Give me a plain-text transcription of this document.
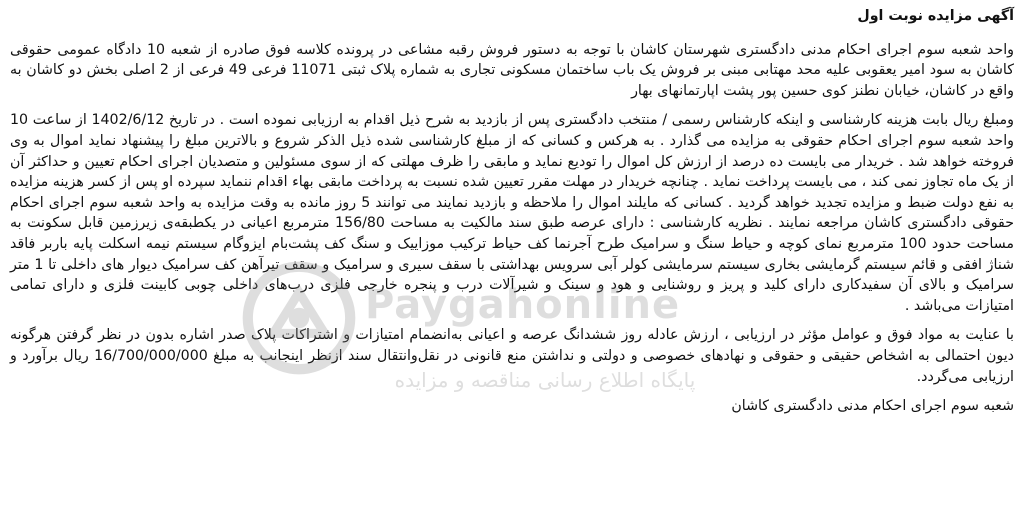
آگهی مزایده نوبت اول
واحد شعبه سوم اجرای احکام مدنی دادگستری شهرستان کاشان با توجه به دستور فروش رقبه مشاعی در پرونده کلاسه فوق صادره از شعبه 10 دادگاه عمومی حقوقی کاشان به سود امیر یعقوبی علیه محد مهتابی مبنی بر فروش یک باب ساختمان مسکونی تجاری به شماره پلاک ثبتی 11071 فرعی 49 فرعی از 2 اصلی بخش دو کاشان به واقع در کاشان، خیابان نطنز کوی حسین پور پشت اپارتمانهای بهار
ومبلغ ریال بابت هزینه کارشناسی و اینکه کارشناس رسمی / منتخب دادگستری پس از بازدید به شرح ذیل اقدام به ارزیابی نموده است . در تاریخ 1402/6/12 از ساعت 10 واحد شعبه سوم اجرای احکام حقوقی به مزایده می گذارد . به هرکس و کسانی که از مبلغ کارشناسی شده ذیل الذکر شروع و بالاترین مبلغ را پیشنهاد نماید اموال به وی فروخته خواهد شد . خریدار می بایست ده درصد از ارزش کل اموال را تودیع نماید و مابقی را ظرف مهلتی که از سوی مسئولین و متصدیان اجرای احکام تعیین و حداکثر آن از یک ماه تجاوز نمی کند ، می بایست پرداخت نماید . چنانچه خریدار در مهلت مقرر تعیین شده نسبت به پرداخت مابقی بهاء اقدام ننماید سپرده او پس از کسر هزینه مزایده به نفع دولت ضبط و مزایده تجدید خواهد گردید . کسانی که مایلند اموال را ملاحظه و بازدید نمایند می توانند 5 روز مانده به وقت مزایده به واحد شعبه سوم اجرای احکام حقوقی دادگستری کاشان مراجعه نمایند . نظریه کارشناسی : دارای عرصه طبق سند مالکیت به مساحت 156/80 مترمربع اعیانی در یکطبقه‌ی زیرزمین قابل سکونت به مساحت حدود 100 مترمربع نمای کوچه و حیاط سنگ و سرامیک طرح آجرنما کف حیاط ترکیب موزاییک و سنگ کف پشت‌بام ایزوگام سیستم نیمه اسکلت پایه باربر فاقد شناژ افقی و قائم سیستم گرمایشی بخاری سیستم سرمایشی کولر آبی سرویس بهداشتی با سقف سیری و سرامیک و سقف تیرآهن کف سرامیک دیوار های داخلی تا 1 متر سرامیک و بالای آن سفیدکاری دارای کلید و پریز و روشنایی و هود و سینک و شیرآلات درب و پنجره خارجی فلزی درب‌های داخلی چوبی کابینت فلزی و دارای تمامی امتیازات می‌باشد .
با عنایت به مواد فوق و عوامل مؤثر در ارزیابی ، ارزش عادله روز ششدانگ عرصه و اعیانی به‌انضمام امتیازات و اشتراکات پلاک صدر اشاره بدون در نظر گرفتن هرگونه دیون احتمالی به اشخاص حقیقی و حقوقی و نهادهای خصوصی و دولتی و نداشتن منع قانونی در نقل‌وانتقال سند ازنظر اینجانب به مبلغ 16/700/000/000 ریال برآورد و ارزیابی می‌گردد.
شعبه سوم اجرای احکام مدنی دادگستری کاشان
Paygahonline
پایگاه اطلاع رسانی مناقصه و مزایده
